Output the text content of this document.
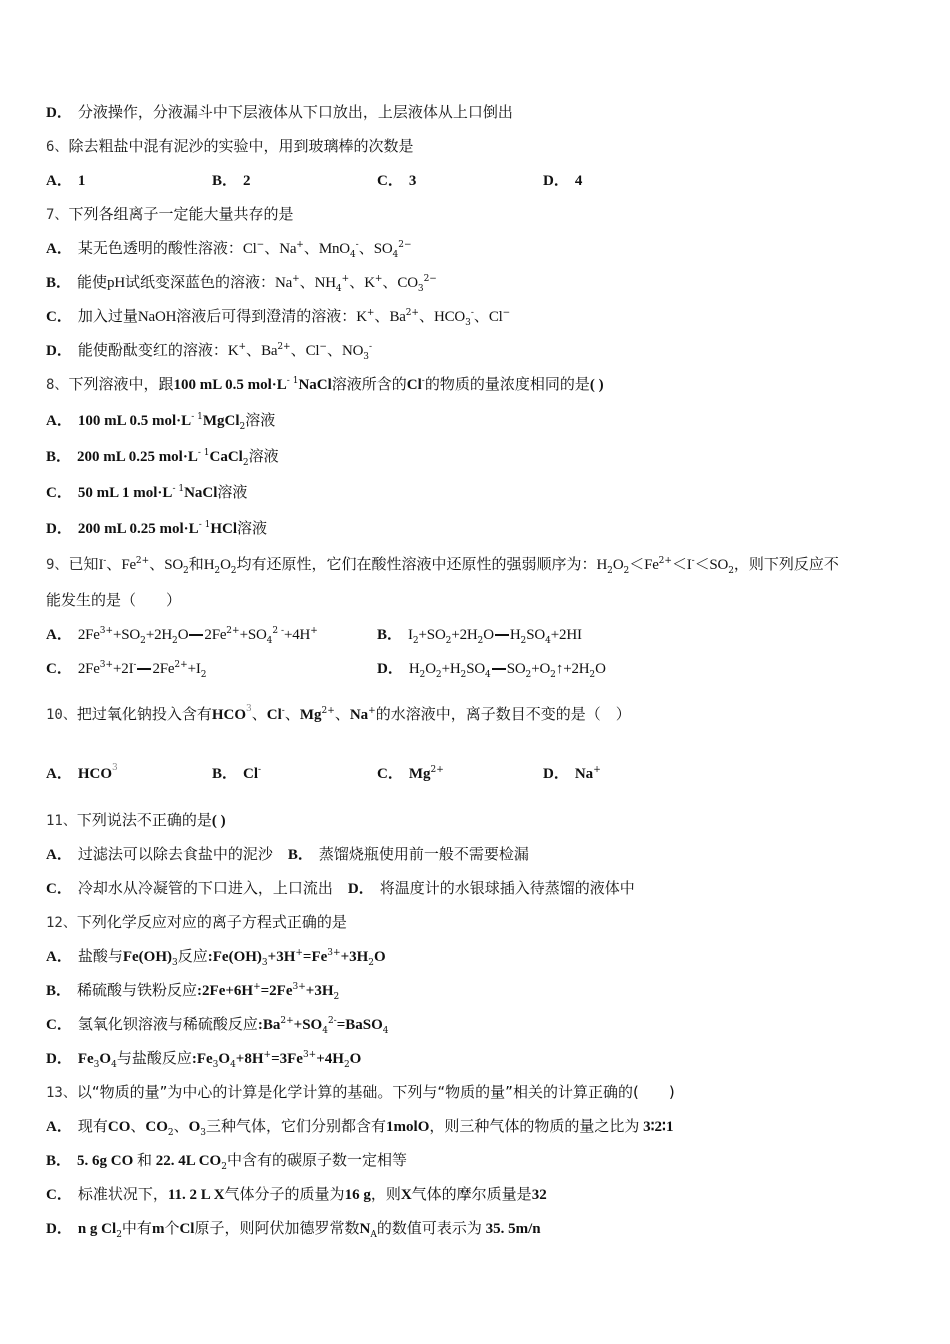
D． 分液操作，分液漏斗中下层液体从下口放出，上层液体从上口倒出
6、除去粗盐中混有泥沙的实验中，用到玻璃棒的次数是
A． 1	B． 2	C． 3	D． 4
7、下列各组离子一定能大量共存的是
A． 某无色透明的酸性溶液：Cl−、Na+、MnO$_4$-、$SO_4^{2-}$
B． 能使pH试纸变深蓝色的溶液：Na+、$NH_4^+$、K+、$CO_3^{2-}$
C． 加入过量NaOH溶液后可得到澄清的溶液：K+、$Ba^{2+}$、$HCO_3^-$、Cl−
D． 能使酚酞变红的溶液：K+、$Ba^{2+}$、Cl−、$NO_3^-$
8、下列溶液中，跟100 mL 0.5 $mol\cdot L^{- 1}NaCl$溶液所含的Cl-的物质的量浓度相同的是( )
A． 100 mL 0.5 $mol\cdot L^{- 1}MgCl_2$溶液
B． 200 mL 0.25 $mol\cdot L^{- 1}CaCl_2$溶液
C． 50 mL 1 $mol\cdot L^{- 1}NaCl$溶液
D． 200 mL 0.25 $mol\cdot L^{- 1}HCl$溶液
9、已知I-、$Fe^{2+}$、$SO_2$和$H_2O_2$均有还原性，它们在酸性溶液中还原性的强弱顺序为：$H_2O_2<Fe^{2+}<I^-<SO_2$，则下列反应不
能发生的是（　　）
A． $2Fe^{3+}+SO_2+2H_2O$ $2Fe^{2+}+SO_4^{2 -}+4H^+$	B． $I_2+SO_2+2H_2O$ $H_2SO_4+2HI$
C． $2Fe^{3+}+2I^-$ $2Fe^{2+}+I_2$	D． $H_2O_2+H_2SO_4$ $SO_2+O_2↑+2H_2O$
10、把过氧化钠投入含有HCO$^3$、Cl-、$Mg^{2+}$、Na+的水溶液中，离子数目不变的是（　）
A． HCO$^3$	B． Cl-	C． $Mg^{2+}$	D． Na+
11、下列说法不正确的是( )
A． 过滤法可以除去食盐中的泥沙　B． 蒸馏烧瓶使用前一般不需要检漏
C． 冷却水从冷凝管的下口进入，上口流出　D． 将温度计的水银球插入待蒸馏的液体中
12、下列化学反应对应的离子方程式正确的是
A． 盐酸与$Fe(OH)_3$反应$:Fe(OH)_3+3H^+=Fe^{3+}+3H_2O$
B． 稀硫酸与铁粉反应$:2Fe+6H^+=2Fe^{3+}+3H_2$
C． 氢氧化钡溶液与稀硫酸反应$:Ba^{2+}+SO_4^{2-}=BaSO_4$
D． $Fe_3O_4$与盐酸反应$:Fe_3O_4+8H^+=3Fe^{3+}+4H_2O$
13、以“物质的量”为中心的计算是化学计算的基础。下列与“物质的量”相关的计算正确的(　　)
A． 现有CO、$CO_2$、$O_3$三种气体，它们分别都含有1molO，则三种气体的物质的量之比为 3∶2∶1
B． 5. 6g CO 和 22. 4L $CO_2$中含有的碳原子数一定相等
C． 标准状况下，11. 2 L X气体分子的质量为16 g，则X气体的摩尔质量是32
D． n g $Cl_2$中有m个Cl原子，则阿伏加德罗常数$N_A$的数值可表示为 35. 5m/n
